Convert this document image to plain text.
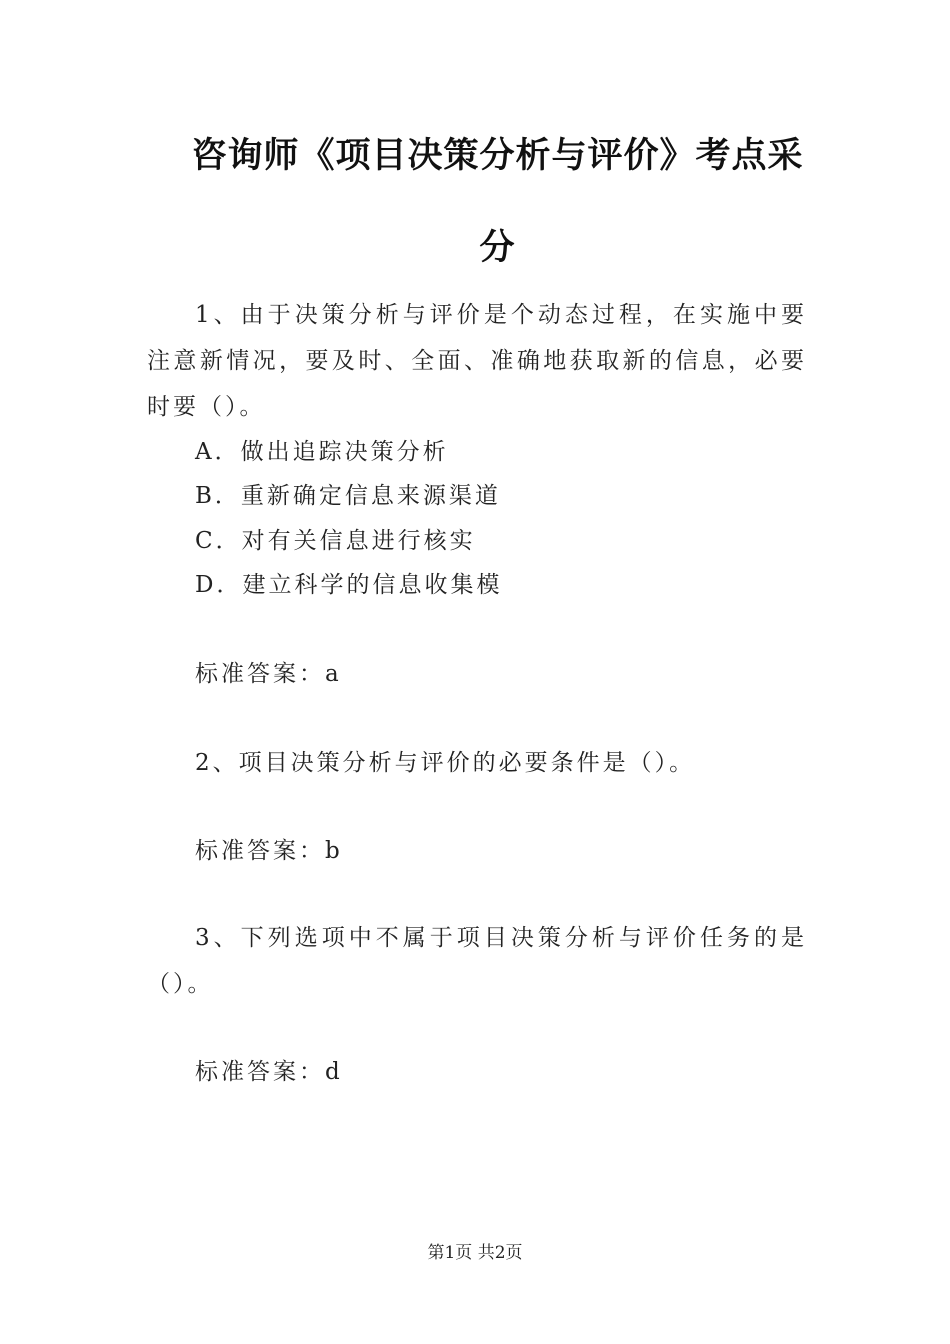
咨询师《项目决策分析与评价》考点采
分
1、由于决策分析与评价是个动态过程，在实施中要注意新情况，要及时、全面、准确地获取新的信息，必要时要（）。
A．做出追踪决策分析
B．重新确定信息来源渠道
C．对有关信息进行核实
D．建立科学的信息收集模
标准答案：a
2、项目决策分析与评价的必要条件是（）。
标准答案：b
3、下列选项中不属于项目决策分析与评价任务的是（）。
标准答案：d
第1页 共2页
